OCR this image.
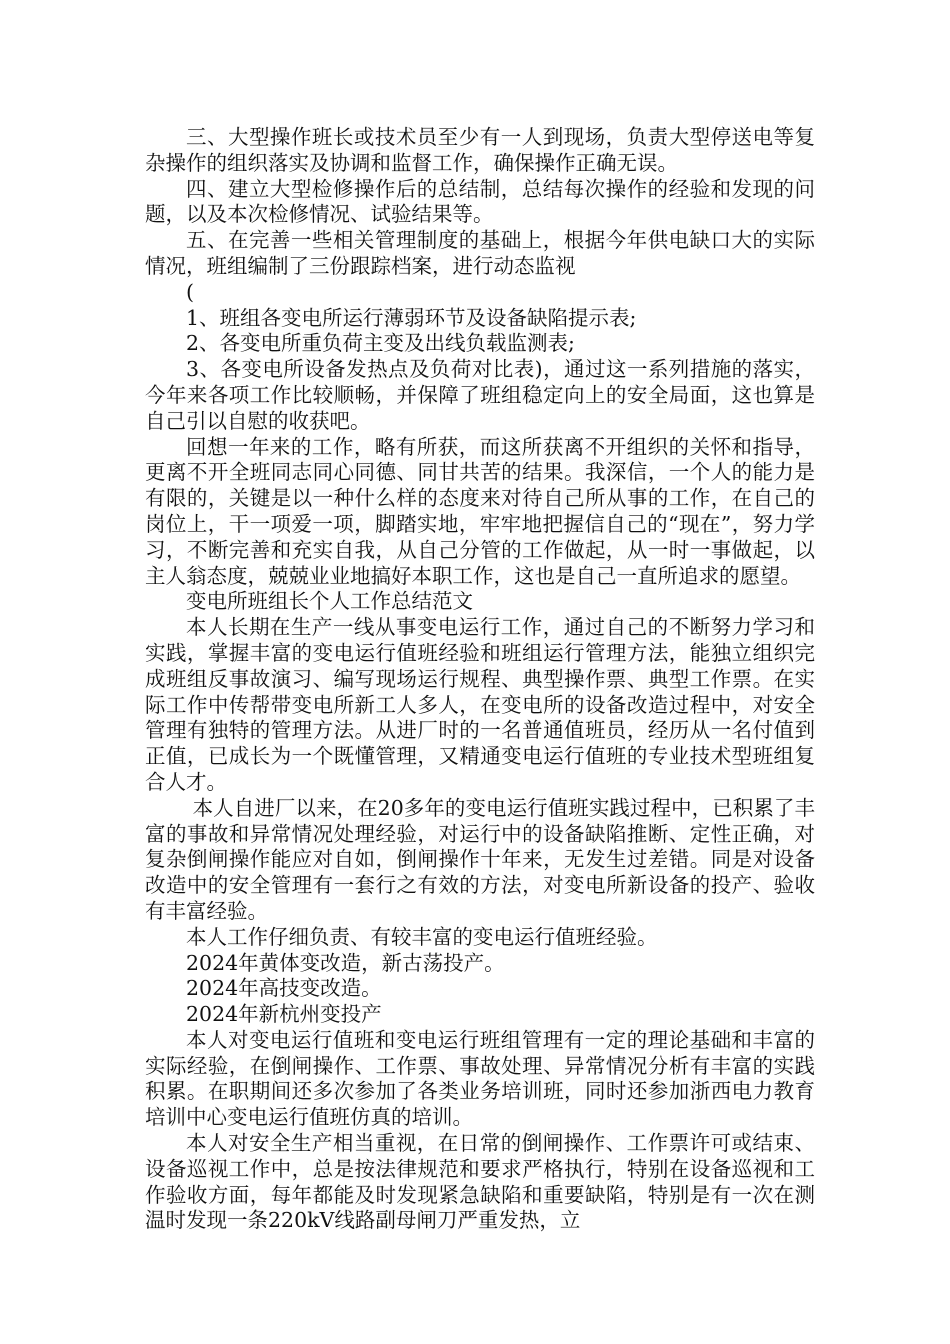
三、大型操作班长或技术员至少有一人到现场，负责大型停送电等复杂操作的组织落实及协调和监督工作，确保操作正确无误。

四、建立大型检修操作后的总结制，总结每次操作的经验和发现的问题，以及本次检修情况、试验结果等。

五、在完善一些相关管理制度的基础上，根据今年供电缺口大的实际情况，班组编制了三份跟踪档案，进行动态监视

(

1、班组各变电所运行薄弱环节及设备缺陷提示表;

2、各变电所重负荷主变及出线负载监测表;

3、各变电所设备发热点及负荷对比表)，通过这一系列措施的落实，今年来各项工作比较顺畅，并保障了班组稳定向上的安全局面，这也算是自己引以自慰的收获吧。

回想一年来的工作，略有所获，而这所获离不开组织的关怀和指导，更离不开全班同志同心同德、同甘共苦的结果。我深信，一个人的能力是有限的，关键是以一种什么样的态度来对待自己所从事的工作，在自己的岗位上，干一项爱一项，脚踏实地，牢牢地把握信自己的“现在”，努力学习，不断完善和充实自我，从自己分管的工作做起，从一时一事做起，以主人翁态度，兢兢业业地搞好本职工作，这也是自己一直所追求的愿望。

变电所班组长个人工作总结范文

本人长期在生产一线从事变电运行工作，通过自己的不断努力学习和实践，掌握丰富的变电运行值班经验和班组运行管理方法，能独立组织完成班组反事故演习、编写现场运行规程、典型操作票、典型工作票。在实际工作中传帮带变电所新工人多人，在变电所的设备改造过程中，对安全管理有独特的管理方法。从进厂时的一名普通值班员，经历从一名付值到正值，已成长为一个既懂管理，又精通变电运行值班的专业技术型班组复合人才。

本人自进厂以来，在20多年的变电运行值班实践过程中，已积累了丰富的事故和异常情况处理经验，对运行中的设备缺陷推断、定性正确，对复杂倒闸操作能应对自如，倒闸操作十年来，无发生过差错。同是对设备改造中的安全管理有一套行之有效的方法，对变电所新设备的投产、验收有丰富经验。

本人工作仔细负责、有较丰富的变电运行值班经验。

2024年黄体变改造，新古荡投产。

2024年高技变改造。

2024年新杭州变投产

本人对变电运行值班和变电运行班组管理有一定的理论基础和丰富的实际经验，在倒闸操作、工作票、事故处理、异常情况分析有丰富的实践积累。在职期间还多次参加了各类业务培训班，同时还参加浙西电力教育培训中心变电运行值班仿真的培训。

本人对安全生产相当重视，在日常的倒闸操作、工作票许可或结束、设备巡视工作中，总是按法律规范和要求严格执行，特别在设备巡视和工作验收方面，每年都能及时发现紧急缺陷和重要缺陷，特别是有一次在测温时发现一条220kV线路副母闸刀严重发热，立
